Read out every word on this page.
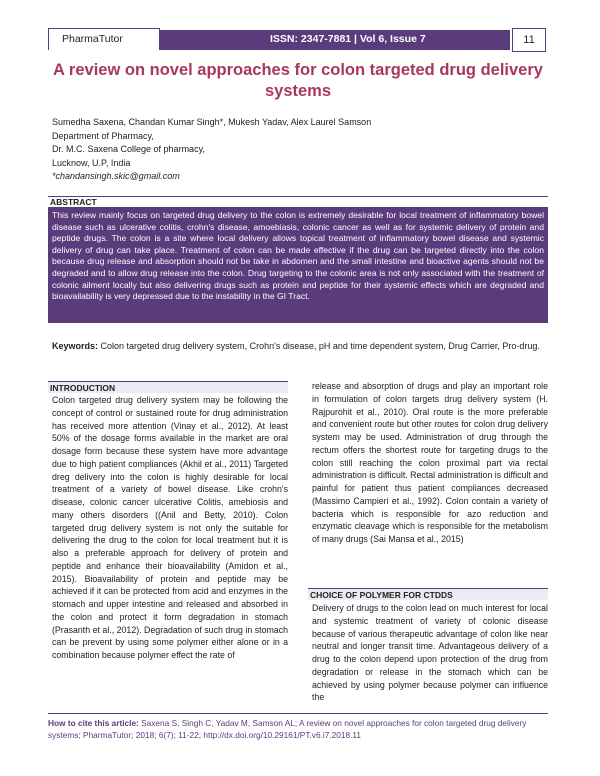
PharmaTutor	ISSN: 2347-7881 | Vol 6, Issue 7	11
A review on novel approaches for colon targeted drug delivery systems
Sumedha Saxena, Chandan Kumar Singh*, Mukesh Yadav, Alex Laurel Samson
Department of Pharmacy,
Dr. M.C. Saxena College of pharmacy,
Lucknow, U.P, India
*chandansingh.skic@gmail.com
ABSTRACT
This review mainly focus on targeted drug delivery to the colon is extremely desirable for local treatment of inflammatory bowel disease such as ulcerative colitis, crohn's disease, amoebiasis, colonic cancer as well as for systemic delivery of protein and peptide drugs. The colon is a site where local delivery allows topical treatment of inflammatory bowel disease and systemic delivery of drug can take place. Treatment of colon can be made effective if the drug can be targeted directly into the colon because drug release and absorption should not be take in abdomen and the small intestine and bioactive agents should not be degraded and to allow drug release into the colon. Drug targeting to the colonic area is not only associated with the treatment of colonic ailment locally but also delivering drugs such as protein and peptide for their systemic effects which are degraded and bioavailability is very depressed due to the instability in the GI Tract.
Keywords: Colon targeted drug delivery system, Crohn's disease, pH and time dependent system, Drug Carrier, Pro-drug.
INTRODUCTION

Colon targeted drug delivery system may be following the concept of control or sustained route for drug administration has received more attention (Vinay et al., 2012). At least 50% of the dosage forms available in the market are oral dosage form because these system have more advantage due to high patient compliances (Akhil et al., 2011) Targeted dreg delivery into the colon is highly desirable for local treatment of a variety of bowel disease. Like crohn's disease, colonic cancer ulcerative Colitis, amebiosis and many others disorders ((Anil and Betty, 2010). Colon targeted drug delivery system is not only the suitable for delivering the drug to the colon for local treatment but it is also a preferable approach for delivery of protein and peptide and enhance their bioavailability (Amidon et al., 2015). Bioavailability of protein and peptide may be achieved if it can be protected from acid and enzymes in the stomach and upper intestine and released and absorbed in the colon and protect it form degradation in stomach (Prasanth et al., 2012). Degradation of such drug in stomach can be prevent by using some polymer either alone or in a combination because polymer effect the rate of

release and absorption of drugs and play an important role in formulation of colon targets drug delivery system (H. Rajpurohit et al., 2010). Oral route is the more preferable and convenient route but other routes for colon drug delivery system may be used. Administration of drug through the rectum offers the shortest route for targeting drugs to the colon still reaching the colon proximal part via rectal administration is difficult. Rectal administration is difficult and painful for patient thus patient compliances decreased (Massimo Campieri et al., 1992). Colon contain a variety of bacteria which is responsible for azo reduction and enzymatic cleavage which is responsible for the metabolism of many drugs (Sai Mansa et al., 2015)

CHOICE OF POLYMER FOR CTDDS

Delivery of drugs to the colon lead on much interest for local and systemic treatment of variety of colonic disease because of various therapeutic advantage of colon like near neutral and longer transit time. Advantageous delivery of a drug to the colon depend upon protection of the drug from degradation or release in the stomach which can be achieved by using polymer because polymer can influence the

How to cite this article: Saxena S, Singh C, Yadav M, Samson AL; A review on novel approaches for colon targeted drug delivery systems; PharmaTutor; 2018; 6(7); 11-22; http://dx.doi.org/10.29161/PT.v6.i7.2018.11
